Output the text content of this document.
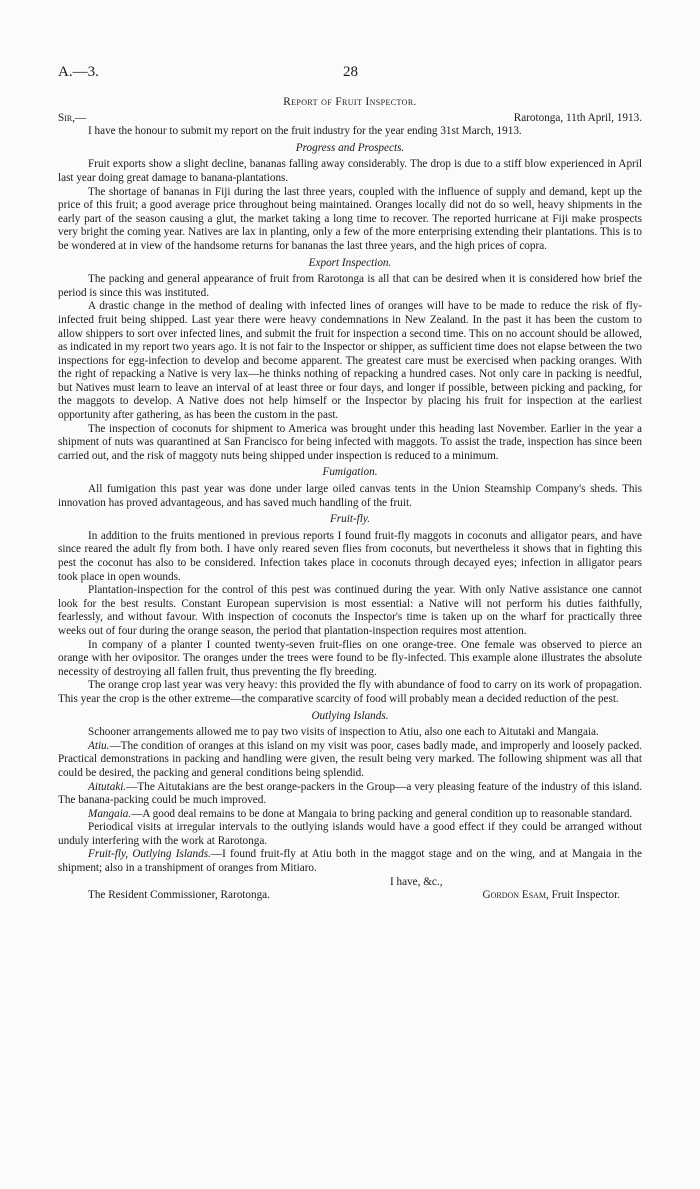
A.—3.	28
Report of Fruit Inspector.
Sir,—	Rarotonga, 11th April, 1913.

I have the honour to submit my report on the fruit industry for the year ending 31st March, 1913.

Progress and Prospects.

Fruit exports show a slight decline, bananas falling away considerably. The drop is due to a stiff blow experienced in April last year doing great damage to banana-plantations.

The shortage of bananas in Fiji during the last three years, coupled with the influence of supply and demand, kept up the price of this fruit; a good average price throughout being maintained. Oranges locally did not do so well, heavy shipments in the early part of the season causing a glut, the market taking a long time to recover. The reported hurricane at Fiji make prospects very bright the coming year. Natives are lax in planting, only a few of the more enterprising extending their plantations. This is to be wondered at in view of the handsome returns for bananas the last three years, and the high prices of copra.

Export Inspection.

The packing and general appearance of fruit from Rarotonga is all that can be desired when it is considered how brief the period is since this was instituted.

A drastic change in the method of dealing with infected lines of oranges will have to be made to reduce the risk of fly-infected fruit being shipped. Last year there were heavy condemnations in New Zealand. In the past it has been the custom to allow shippers to sort over infected lines, and submit the fruit for inspection a second time. This on no account should be allowed, as indicated in my report two years ago. It is not fair to the Inspector or shipper, as sufficient time does not elapse between the two inspections for egg-infection to develop and become apparent. The greatest care must be exercised when packing oranges. With the right of repacking a Native is very lax—he thinks nothing of repacking a hundred cases. Not only care in packing is needful, but Natives must learn to leave an interval of at least three or four days, and longer if possible, between picking and packing, for the maggots to develop. A Native does not help himself or the Inspector by placing his fruit for inspection at the earliest opportunity after gathering, as has been the custom in the past.

The inspection of coconuts for shipment to America was brought under this heading last November. Earlier in the year a shipment of nuts was quarantined at San Francisco for being infected with maggots. To assist the trade, inspection has since been carried out, and the risk of maggoty nuts being shipped under inspection is reduced to a minimum.

Fumigation.

All fumigation this past year was done under large oiled canvas tents in the Union Steamship Company's sheds. This innovation has proved advantageous, and has saved much handling of the fruit.

Fruit-fly.

In addition to the fruits mentioned in previous reports I found fruit-fly maggots in coconuts and alligator pears, and have since reared the adult fly from both. I have only reared seven flies from coconuts, but nevertheless it shows that in fighting this pest the coconut has also to be considered. Infection takes place in coconuts through decayed eyes; infection in alligator pears took place in open wounds.

Plantation-inspection for the control of this pest was continued during the year. With only Native assistance one cannot look for the best results. Constant European supervision is most essential: a Native will not perform his duties faithfully, fearlessly, and without favour. With inspection of coconuts the Inspector's time is taken up on the wharf for practically three weeks out of four during the orange season, the period that plantation-inspection requires most attention.

In company of a planter I counted twenty-seven fruit-flies on one orange-tree. One female was observed to pierce an orange with her ovipositor. The oranges under the trees were found to be fly-infected. This example alone illustrates the absolute necessity of destroying all fallen fruit, thus preventing the fly breeding.

The orange crop last year was very heavy: this provided the fly with abundance of food to carry on its work of propagation. This year the crop is the other extreme—the comparative scarcity of food will probably mean a decided reduction of the pest.

Outlying Islands.

Schooner arrangements allowed me to pay two visits of inspection to Atiu, also one each to Aitutaki and Mangaia.

Atiu.—The condition of oranges at this island on my visit was poor, cases badly made, and improperly and loosely packed. Practical demonstrations in packing and handling were given, the result being very marked. The following shipment was all that could be desired, the packing and general conditions being splendid.

Aitutaki.—The Aitutakians are the best orange-packers in the Group—a very pleasing feature of the industry of this island. The banana-packing could be much improved.

Mangaia.—A good deal remains to be done at Mangaia to bring packing and general condition up to reasonable standard.

Periodical visits at irregular intervals to the outlying islands would have a good effect if they could be arranged without unduly interfering with the work at Rarotonga.

Fruit-fly, Outlying Islands.—I found fruit-fly at Atiu both in the maggot stage and on the wing, and at Mangaia in the shipment; also in a transhipment of oranges from Mitiaro.

I have, &c.,
The Resident Commissioner, Rarotonga.	Gordon Esam, Fruit Inspector.
